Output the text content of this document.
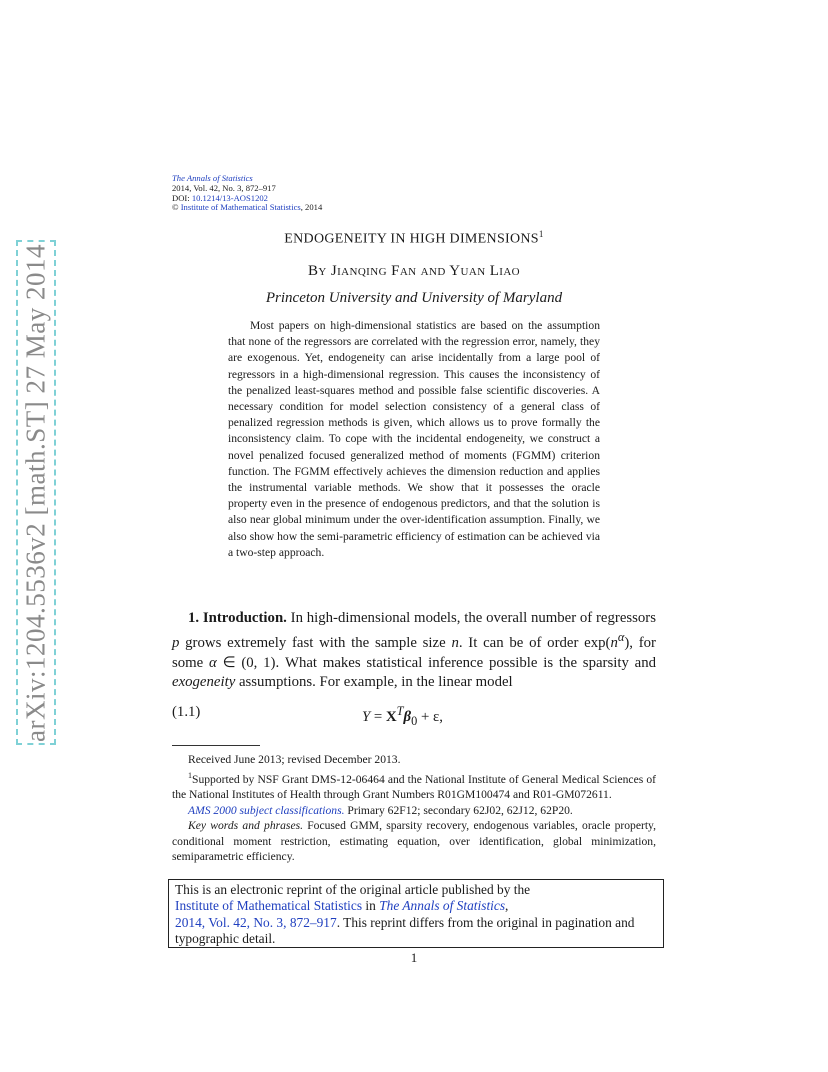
arXiv:1204.5536v2 [math.ST] 27 May 2014
The Annals of Statistics
2014, Vol. 42, No. 3, 872–917
DOI: 10.1214/13-AOS1202
© Institute of Mathematical Statistics, 2014
ENDOGENEITY IN HIGH DIMENSIONS$^1$
By Jianqing Fan and Yuan Liao
Princeton University and University of Maryland

Most papers on high-dimensional statistics are based on the assumption that none of the regressors are correlated with the regression error, namely, they are exogenous. Yet, endogeneity can arise incidentally from a large pool of regressors in a high-dimensional regression. This causes the inconsistency of the penalized least-squares method and possible false scientific discoveries. A necessary condition for model selection consistency of a general class of penalized regression methods is given, which allows us to prove formally the inconsistency claim. To cope with the incidental endogeneity, we construct a novel penalized focused generalized method of moments (FGMM) criterion function. The FGMM effectively achieves the dimension reduction and applies the instrumental variable methods. We show that it possesses the oracle property even in the presence of endogenous predictors, and that the solution is also near global minimum under the over-identification assumption. Finally, we also show how the semi-parametric efficiency of estimation can be achieved via a two-step approach.

1. Introduction. In high-dimensional models, the overall number of regressors p grows extremely fast with the sample size n. It can be of order $\exp(n^\alpha)$, for some α ∈ (0, 1). What makes statistical inference possible is the sparsity and exogeneity assumptions. For example, in the linear model

(1.1)	$Y = X^T\beta_0 + \varepsilon$,

Received June 2013; revised December 2013.

$^1$Supported by NSF Grant DMS-12-06464 and the National Institute of General Medical Sciences of the National Institutes of Health through Grant Numbers R01GM100474 and R01-GM072611.

AMS 2000 subject classifications. Primary 62F12; secondary 62J02, 62J12, 62P20.

Key words and phrases. Focused GMM, sparsity recovery, endogenous variables, oracle property, conditional moment restriction, estimating equation, over identification, global minimization, semiparametric efficiency.

This is an electronic reprint of the original article published by the
Institute of Mathematical Statistics in The Annals of Statistics,
2014, Vol. 42, No. 3, 872–917. This reprint differs from the original in pagination and typographic detail.
1
